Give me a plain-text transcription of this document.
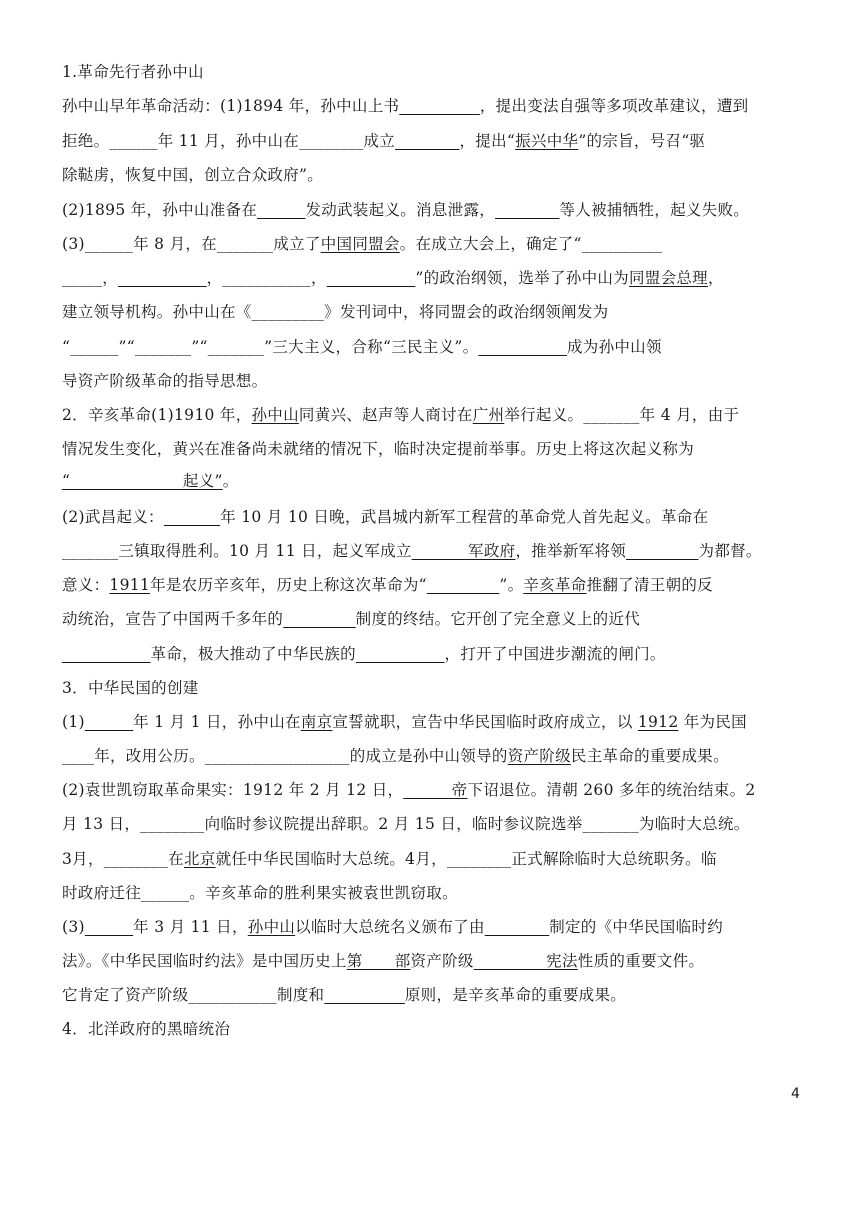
1.革命先行者孙中山
孙中山早年革命活动：(1)1894 年，孙中山上书__________，提出变法自强等多项改革建议，遭到
拒绝。______年 11 月，孙中山在________成立________，提出“振兴中华”的宗旨，号召“驱
除鞑虏，恢复中国，创立合众政府”。
(2)1895 年，孙中山准备在______发动武装起义。消息泄露，________等人被捕牺牲，起义失败。
(3)______年 8 月，在_______成立了中国同盟会。在成立大会上，确定了“__________
_____，___________，___________，___________”的政治纲领，选举了孙中山为同盟会总理，
建立领导机构。孙中山在《_________》发刊词中，将同盟会的政治纲领阐发为
“______”“_______”“_______”三大主义，合称“三民主义”。___________成为孙中山领
导资产阶级革命的指导思想。
2．辛亥革命(1)1910 年，孙中山同黄兴、赵声等人商讨在广州举行起义。_______年 4 月，由于
情况发生变化，黄兴在准备尚未就绪的情况下，临时决定提前举事。历史上将这次起义称为
“______________起义”。
(2)武昌起义：_______年 10 月 10 日晚，武昌城内新军工程营的革命党人首先起义。革命在
_______三镇取得胜利。10 月 11 日，起义军成立_______军政府，推举新军将领_________为都督。
意义：1911年是农历辛亥年，历史上称这次革命为“_________”。辛亥革命推翻了清王朝的反
动统治，宣告了中国两千多年的_________制度的终结。它开创了完全意义上的近代
___________革命，极大推动了中华民族的___________，打开了中国进步潮流的闸门。
3．中华民国的创建
(1)______年 1 月 1 日，孙中山在南京宣誓就职，宣告中华民国临时政府成立，以 1912 年为民国
____年，改用公历。__________________的成立是孙中山领导的资产阶级民主革命的重要成果。
(2)袁世凯窃取革命果实：1912 年 2 月 12 日，______帝下诏退位。清朝 260 多年的统治结束。2
月 13 日，________向临时参议院提出辞职。2 月 15 日，临时参议院选举_______为临时大总统。
3月，________在北京就任中华民国临时大总统。4月，________正式解除临时大总统职务。临
时政府迁往______。辛亥革命的胜利果实被袁世凯窃取。
(3)______年 3 月 11 日，孙中山以临时大总统名义颁布了由________制定的《中华民国临时约
法》。《中华民国临时约法》是中国历史上第____部资产阶级_________宪法性质的重要文件。
它肯定了资产阶级___________制度和__________原则，是辛亥革命的重要成果。
4．北洋政府的黑暗统治
4
